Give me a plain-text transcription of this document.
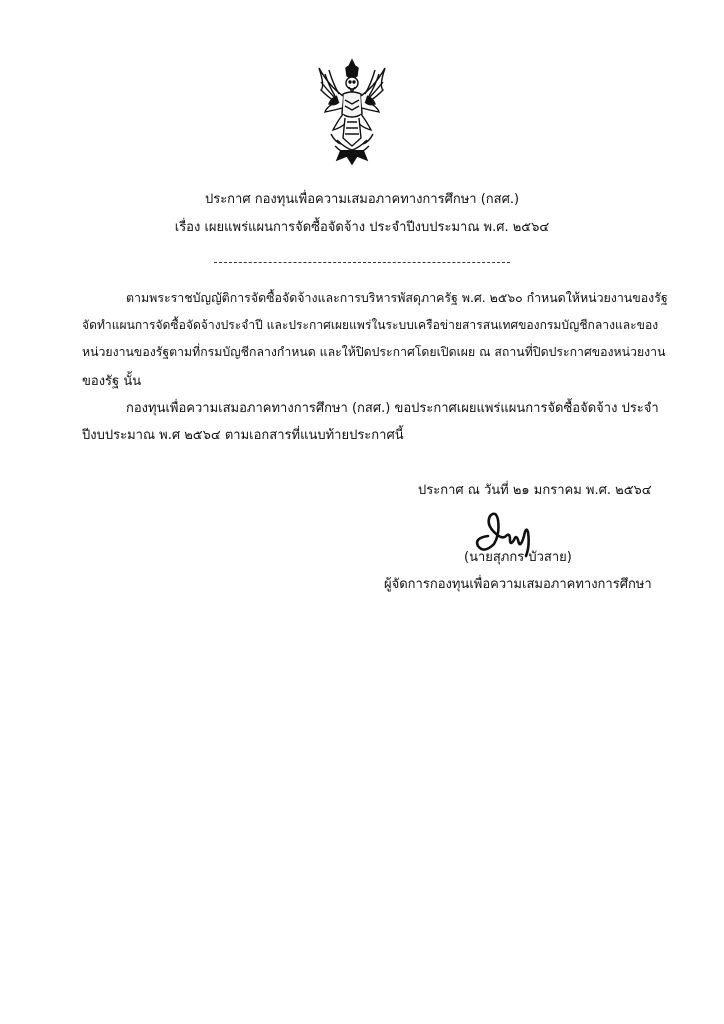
ประกาศ กองทุนเพื่อความเสมอภาคทางการศึกษา (กสศ.)
เรื่อง เผยแพร่แผนการจัดซื้อจัดจ้าง ประจำปีงบประมาณ พ.ศ. ๒๕๖๔
ตามพระราชบัญญัติการจัดซื้อจัดจ้างและการบริหารพัสดุภาครัฐ พ.ศ. ๒๕๖๐ กำหนดให้หน่วยงานของรัฐ
จัดทำแผนการจัดซื้อจัดจ้างประจำปี และประกาศเผยแพร่ในระบบเครือข่ายสารสนเทศของกรมบัญชีกลางและของ
หน่วยงานของรัฐตามที่กรมบัญชีกลางกำหนด และให้ปิดประกาศโดยเปิดเผย ณ สถานที่ปิดประกาศของหน่วยงาน
ของรัฐ นั้น
กองทุนเพื่อความเสมอภาคทางการศึกษา (กสศ.) ขอประกาศเผยแพร่แผนการจัดซื้อจัดจ้าง ประจำ
ปีงบประมาณ พ.ศ ๒๕๖๔ ตามเอกสารที่แนบท้ายประกาศนี้
ประกาศ ณ วันที่ ๒๑ มกราคม พ.ศ. ๒๕๖๔
(นายสุภกร บัวสาย)
ผู้จัดการกองทุนเพื่อความเสมอภาคทางการศึกษา
